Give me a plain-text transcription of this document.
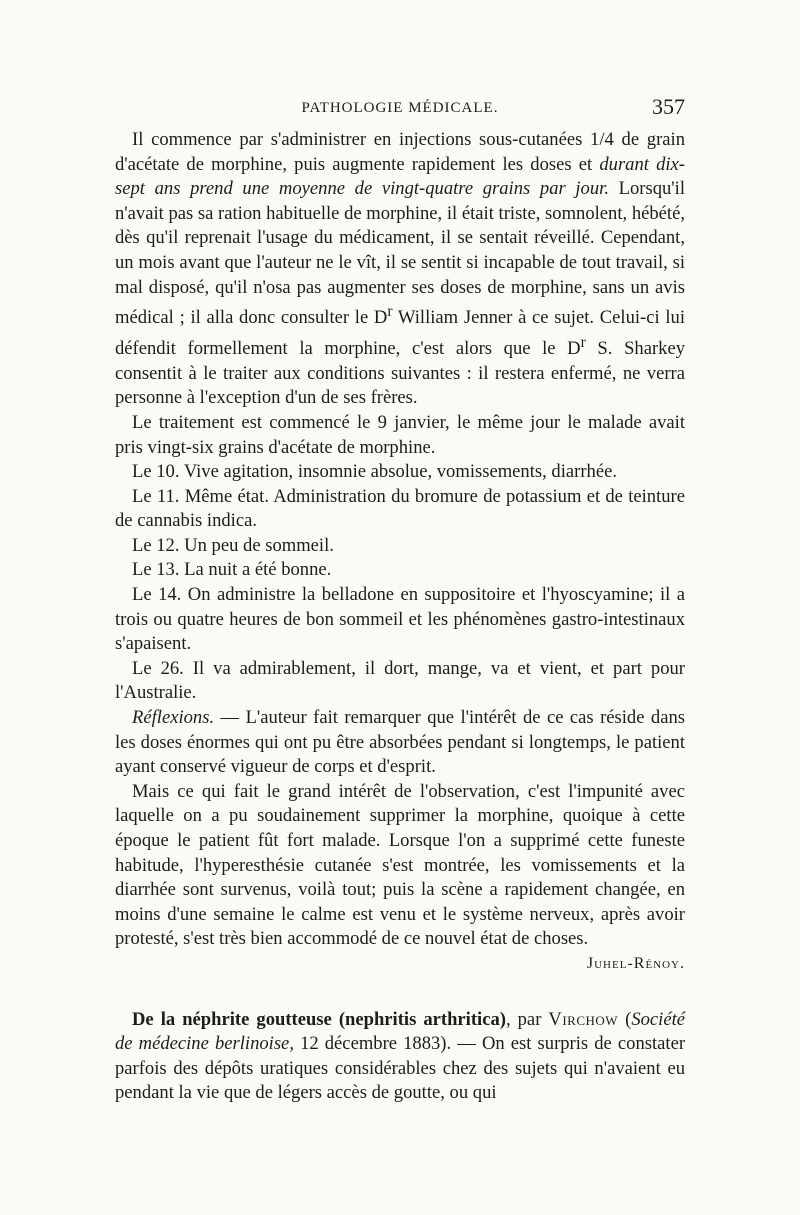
PATHOLOGIE MÉDICALE.	357

Il commence par s'administrer en injections sous-cutanées 1/4 de grain d'acétate de morphine, puis augmente rapidement les doses et durant dix-sept ans prend une moyenne de vingt-quatre grains par jour. Lorsqu'il n'avait pas sa ration habituelle de morphine, il était triste, somnolent, hébété, dès qu'il reprenait l'usage du médicament, il se sentait réveillé. Cependant, un mois avant que l'auteur ne le vît, il se sentit si incapable de tout travail, si mal disposé, qu'il n'osa pas augmenter ses doses de morphine, sans un avis médical ; il alla donc consulter le $D^r$ William Jenner à ce sujet. Celui-ci lui défendit formellement la morphine, c'est alors que le $D^r$ S. Sharkey consentit à le traiter aux conditions suivantes : il restera enfermé, ne verra personne à l'exception d'un de ses frères.

Le traitement est commencé le 9 janvier, le même jour le malade avait pris vingt-six grains d'acétate de morphine.

Le 10. Vive agitation, insomnie absolue, vomissements, diarrhée.

Le 11. Même état. Administration du bromure de potassium et de teinture de cannabis indica.

Le 12. Un peu de sommeil.

Le 13. La nuit a été bonne.

Le 14. On administre la belladone en suppositoire et l'hyoscyamine; il a trois ou quatre heures de bon sommeil et les phénomènes gastro-intestinaux s'apaisent.

Le 26. Il va admirablement, il dort, mange, va et vient, et part pour l'Australie.

Réflexions. — L'auteur fait remarquer que l'intérêt de ce cas réside dans les doses énormes qui ont pu être absorbées pendant si longtemps, le patient ayant conservé vigueur de corps et d'esprit.

Mais ce qui fait le grand intérêt de l'observation, c'est l'impunité avec laquelle on a pu soudainement supprimer la morphine, quoique à cette époque le patient fût fort malade. Lorsque l'on a supprimé cette funeste habitude, l'hyperesthésie cutanée s'est montrée, les vomissements et la diarrhée sont survenus, voilà tout; puis la scène a rapidement changée, en moins d'une semaine le calme est venu et le système nerveux, après avoir protesté, s'est très bien accommodé de ce nouvel état de choses.

Juhel-Rénoy.

De la néphrite goutteuse (nephritis arthritica), par Virchow (Société de médecine berlinoise, 12 décembre 1883). — On est surpris de constater parfois des dépôts uratiques considérables chez des sujets qui n'avaient eu pendant la vie que de légers accès de goutte, ou qui
